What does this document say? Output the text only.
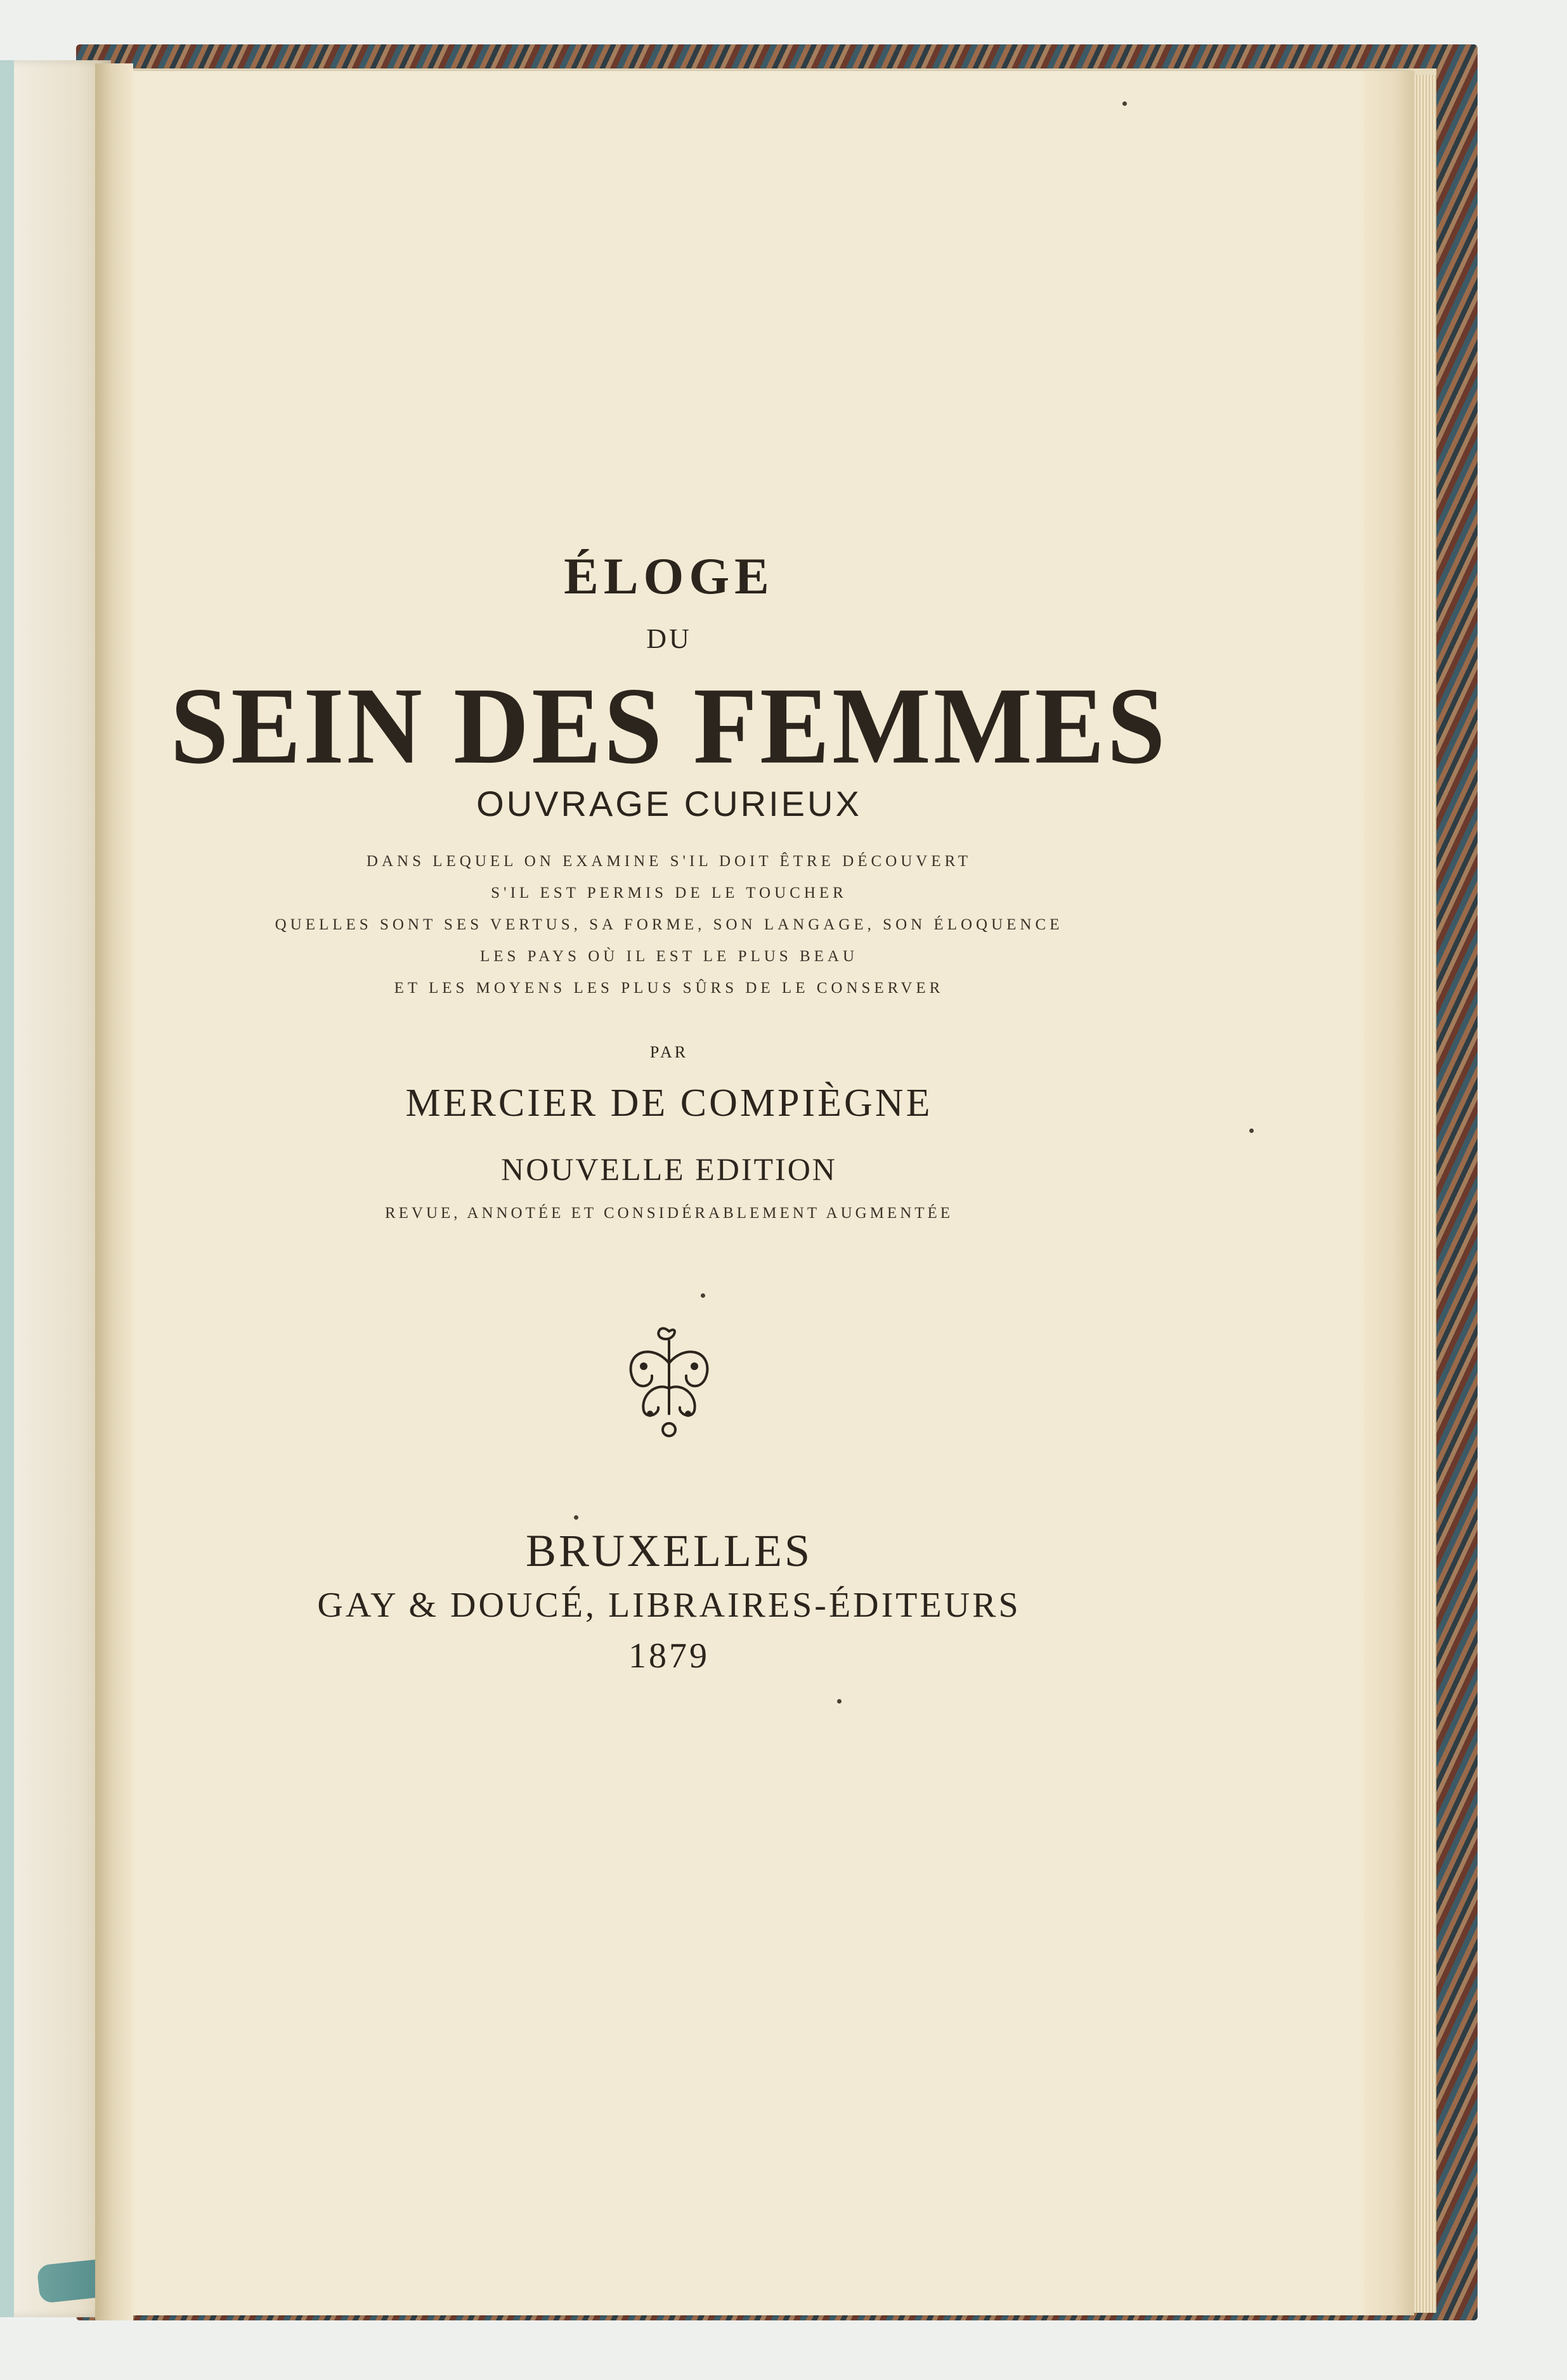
ÉLOGE
DU
SEIN DES FEMMES
OUVRAGE CURIEUX
DANS LEQUEL ON EXAMINE S'IL DOIT ÊTRE DÉCOUVERT
S'IL EST PERMIS DE LE TOUCHER
QUELLES SONT SES VERTUS, SA FORME, SON LANGAGE, SON ÉLOQUENCE
LES PAYS OÙ IL EST LE PLUS BEAU
ET LES MOYENS LES PLUS SÛRS DE LE CONSERVER
PAR
MERCIER DE COMPIÈGNE
NOUVELLE EDITION
REVUE, ANNOTÉE ET CONSIDÉRABLEMENT AUGMENTÉE
BRUXELLES
GAY & DOUCÉ, LIBRAIRES-ÉDITEURS
1879
